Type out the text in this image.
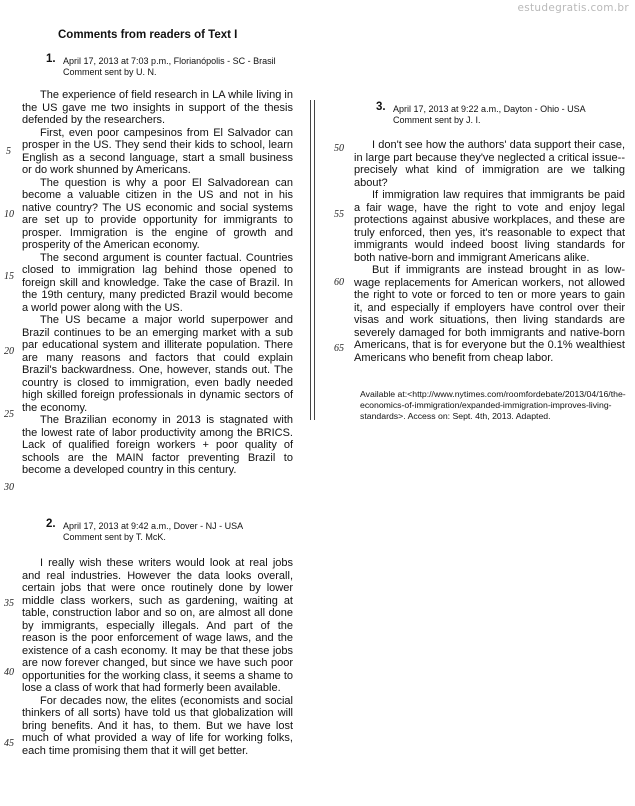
estudegratis.com.br
Comments from readers of Text I
1. April 17, 2013 at 7:03 p.m., Florianópolis - SC - Brasil
Comment sent by U. N.

The experience of field research in LA while living in the US gave me two insights in support of the thesis defended by the researchers.

First, even poor campesinos from El Salvador can prosper in the US. They send their kids to school, learn English as a second language, start a small business or do work shunned by Americans.

The question is why a poor El Salvadorean can become a valuable citizen in the US and not in his native country? The US economic and social systems are set up to provide opportunity for immigrants to prosper. Immigration is the engine of growth and prosperity of the American economy.

The second argument is counter factual. Countries closed to immigration lag behind those opened to foreign skill and knowledge. Take the case of Brazil. In the 19th century, many predicted Brazil would become a world power along with the US.

The US became a major world superpower and Brazil continues to be an emerging market with a sub par educational system and illiterate population. There are many reasons and factors that could explain Brazil's backwardness. One, however, stands out. The country is closed to immigration, even badly needed high skilled foreign professionals in dynamic sectors of the economy.

The Brazilian economy in 2013 is stagnated with the lowest rate of labor productivity among the BRICS. Lack of qualified foreign workers + poor quality of schools are the MAIN factor preventing Brazil to become a developed country in this century.

2. April 17, 2013 at 9:42 a.m., Dover - NJ - USA
Comment sent by T. McK.

I really wish these writers would look at real jobs and real industries. However the data looks overall, certain jobs that were once routinely done by lower middle class workers, such as gardening, waiting at table, construction labor and so on, are almost all done by immigrants, especially illegals. And part of the reason is the poor enforcement of wage laws, and the existence of a cash economy. It may be that these jobs are now forever changed, but since we have such poor opportunities for the working class, it seems a shame to lose a class of work that had formerly been available.

For decades now, the elites (economists and social thinkers of all sorts) have told us that globalization will bring benefits. And it has, to them. But we have lost much of what provided a way of life for working folks, each time promising them that it will get better.

3. April 17, 2013 at 9:22 a.m., Dayton - Ohio - USA
Comment sent by J. I.

I don't see how the authors' data support their case, in large part because they've neglected a critical issue-- precisely what kind of immigration are we talking about?

If immigration law requires that immigrants be paid a fair wage, have the right to vote and enjoy legal protections against abusive workplaces, and these are truly enforced, then yes, it's reasonable to expect that immigrants would indeed boost living standards for both native-born and immigrant Americans alike.

But if immigrants are instead brought in as low-wage replacements for American workers, not allowed the right to vote or forced to ten or more years to gain it, and especially if employers have control over their visas and work situations, then living standards are severely damaged for both immigrants and native-born Americans, that is for everyone but the 0.1% wealthiest Americans who benefit from cheap labor.

Available at:<http://www.nytimes.com/roomfordebate/2013/04/16/the-economics-of-immigration/expanded-immigration-improves-living-standards>. Access on: Sept. 4th, 2013. Adapted.
5
10
15
20
25
30
35
40
45
50
55
60
65
